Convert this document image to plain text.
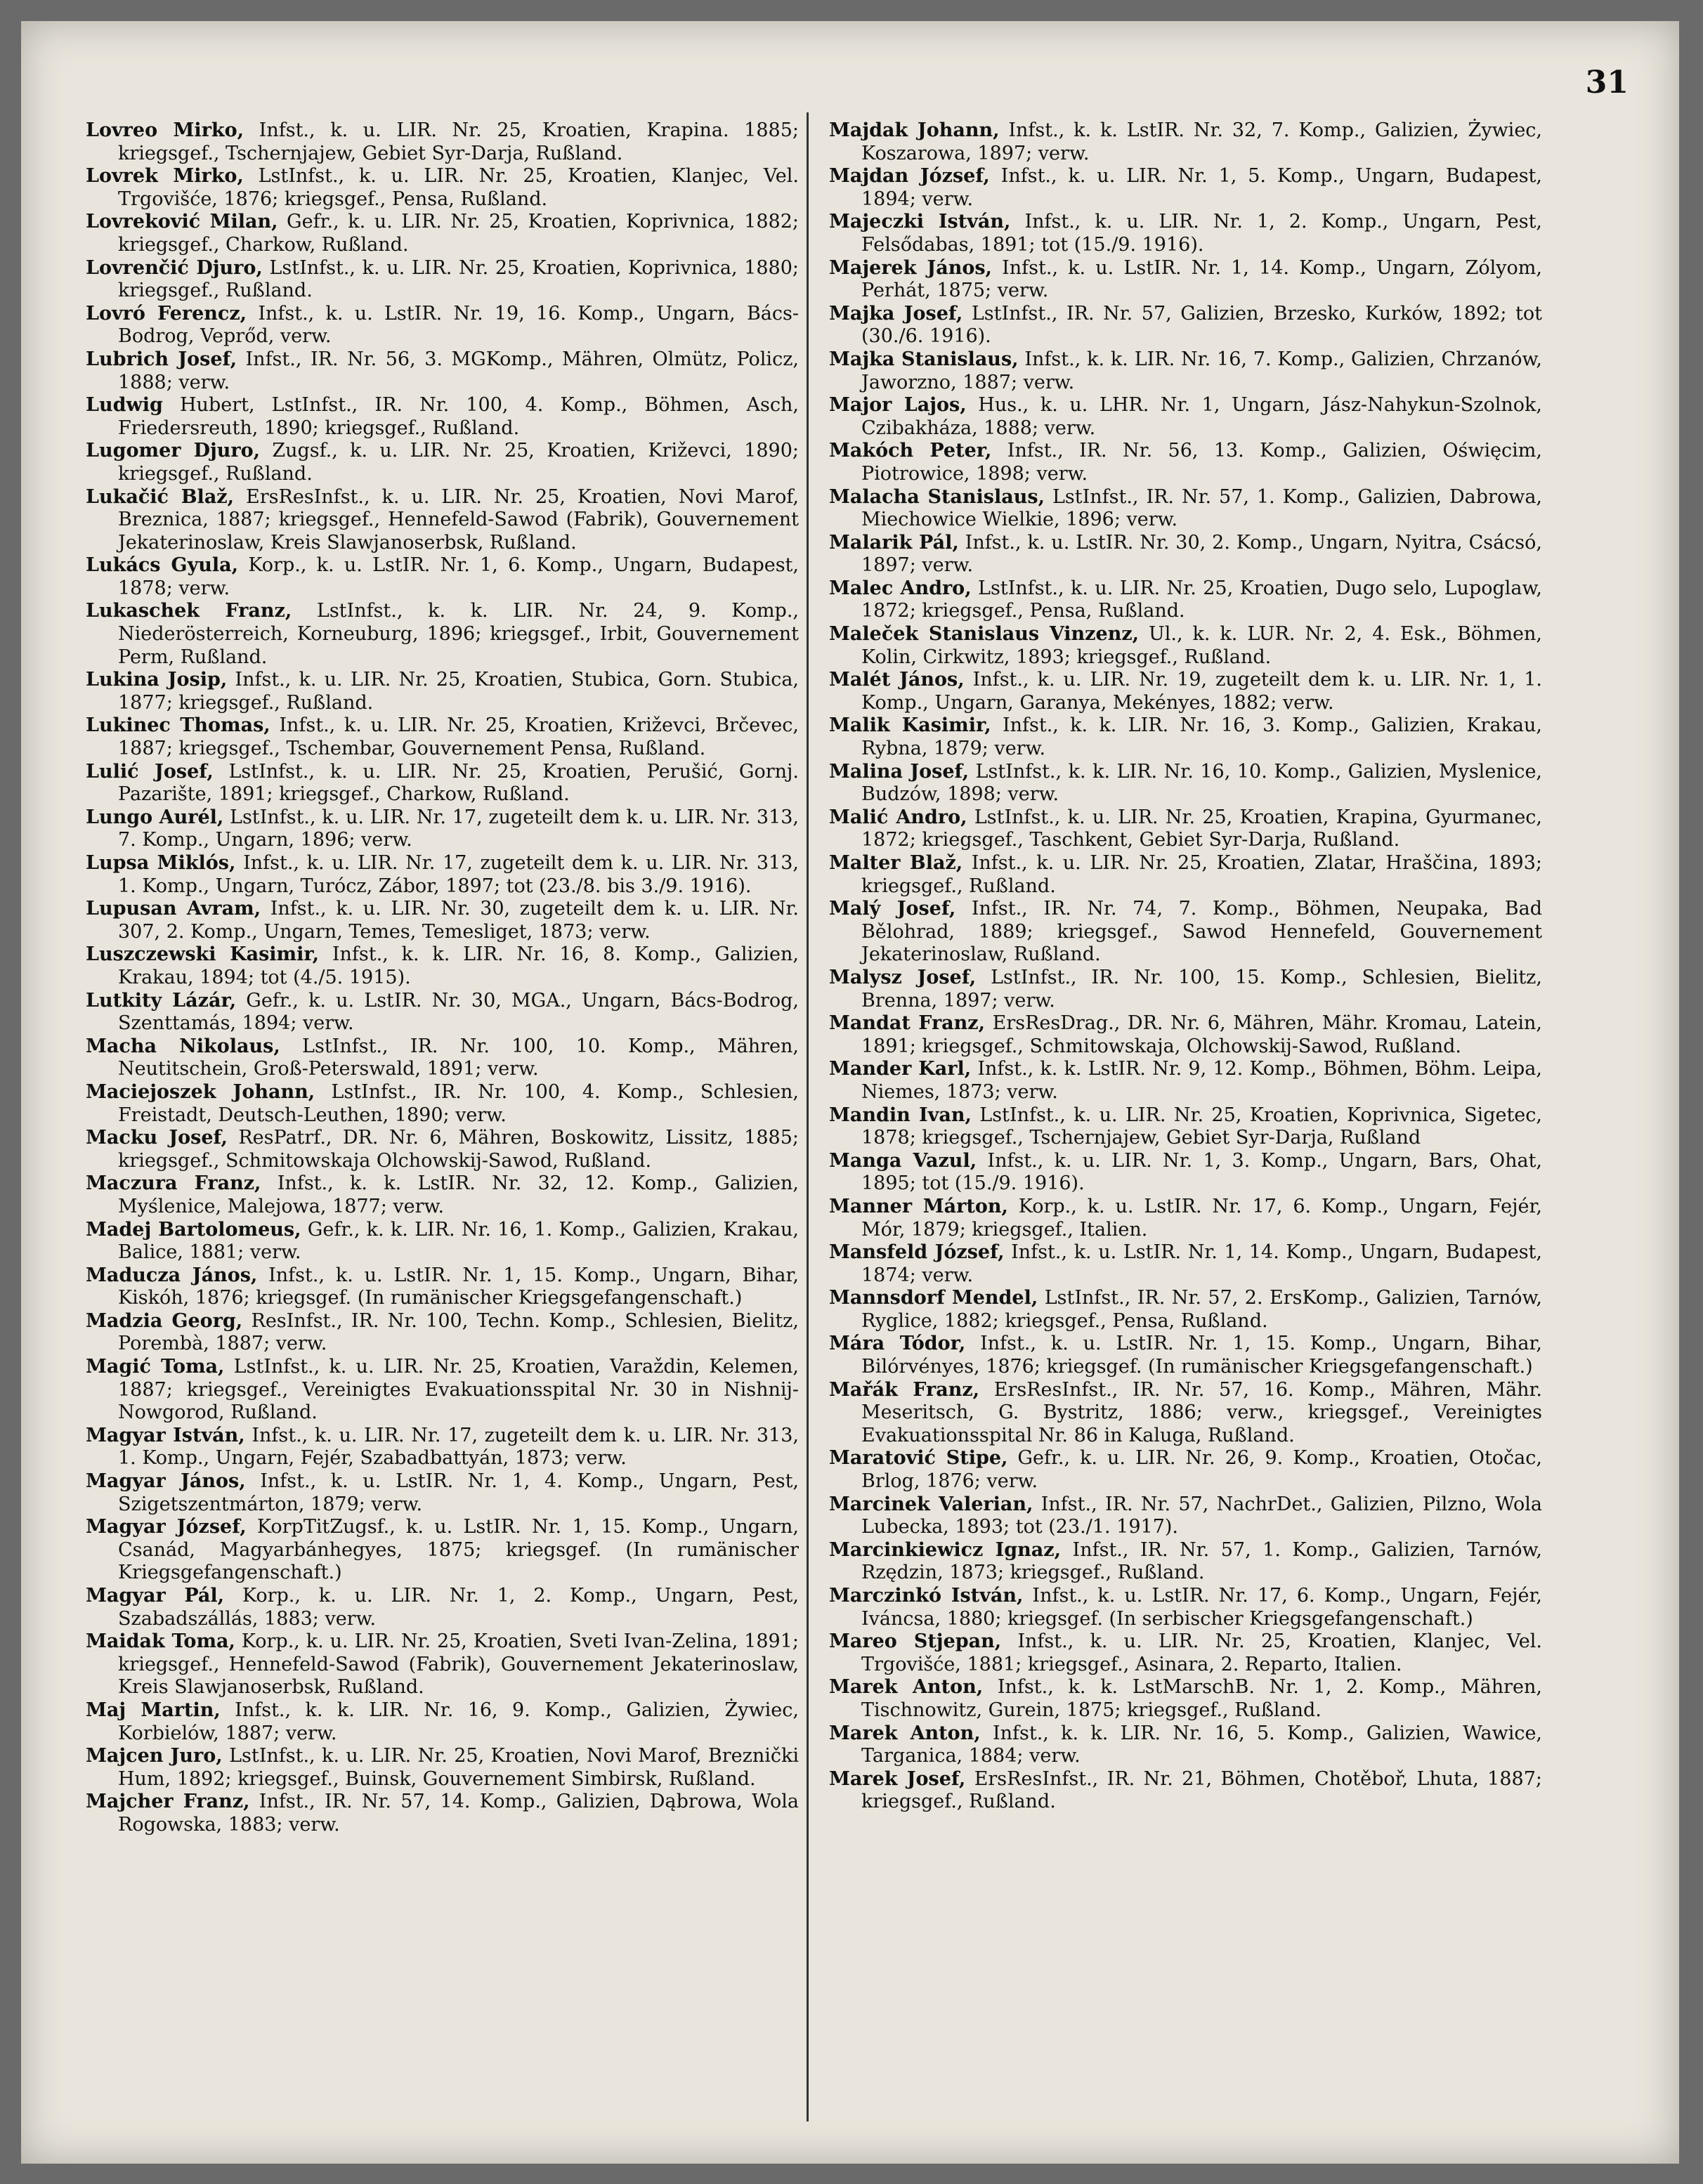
31

Lovreo Mirko, Infst., k. u. LIR. Nr. 25, Kroatien, Krapina. 1885; kriegsgef., Tschernjajew, Gebiet Syr-Darja, Rußland.

Lovrek Mirko, LstInfst., k. u. LIR. Nr. 25, Kroatien, Klanjec, Vel. Trgovišće, 1876; kriegsgef., Pensa, Rußland.

Lovreković Milan, Gefr., k. u. LIR. Nr. 25, Kroatien, Koprivnica, 1882; kriegsgef., Charkow, Rußland.

Lovrenčić Djuro, LstInfst., k. u. LIR. Nr. 25, Kroatien, Koprivnica, 1880; kriegsgef., Rußland.

Lovró Ferencz, Infst., k. u. LstIR. Nr. 19, 16. Komp., Ungarn, Bács-Bodrog, Veprőd, verw.

Lubrich Josef, Infst., IR. Nr. 56, 3. MGKomp., Mähren, Olmütz, Policz, 1888; verw.

Ludwig Hubert, LstInfst., IR. Nr. 100, 4. Komp., Böhmen, Asch, Friedersreuth, 1890; kriegsgef., Rußland.

Lugomer Djuro, Zugsf., k. u. LIR. Nr. 25, Kroatien, Križevci, 1890; kriegsgef., Rußland.

Lukačić Blaž, ErsResInfst., k. u. LIR. Nr. 25, Kroatien, Novi Marof, Breznica, 1887; kriegsgef., Hennefeld-Sawod (Fabrik), Gouvernement Jekaterinoslaw, Kreis Slawjanoserbsk, Rußland.

Lukács Gyula, Korp., k. u. LstIR. Nr. 1, 6. Komp., Ungarn, Budapest, 1878; verw.

Lukaschek Franz, LstInfst., k. k. LIR. Nr. 24, 9. Komp., Niederösterreich, Korneuburg, 1896; kriegsgef., Irbit, Gouvernement Perm, Rußland.

Lukina Josip, Infst., k. u. LIR. Nr. 25, Kroatien, Stubica, Gorn. Stubica, 1877; kriegsgef., Rußland.

Lukinec Thomas, Infst., k. u. LIR. Nr. 25, Kroatien, Križevci, Brčevec, 1887; kriegsgef., Tschembar, Gouvernement Pensa, Rußland.

Lulić Josef, LstInfst., k. u. LIR. Nr. 25, Kroatien, Perušić, Gornj. Pazarište, 1891; kriegsgef., Charkow, Rußland.

Lungo Aurél, LstInfst., k. u. LIR. Nr. 17, zugeteilt dem k. u. LIR. Nr. 313, 7. Komp., Ungarn, 1896; verw.

Lupsa Miklós, Infst., k. u. LIR. Nr. 17, zugeteilt dem k. u. LIR. Nr. 313, 1. Komp., Ungarn, Turócz, Zábor, 1897; tot (23./8. bis 3./9. 1916).

Lupusan Avram, Infst., k. u. LIR. Nr. 30, zugeteilt dem k. u. LIR. Nr. 307, 2. Komp., Ungarn, Temes, Temesliget, 1873; verw.

Luszczewski Kasimir, Infst., k. k. LIR. Nr. 16, 8. Komp., Galizien, Krakau, 1894; tot (4./5. 1915).

Lutkity Lázár, Gefr., k. u. LstIR. Nr. 30, MGA., Ungarn, Bács-Bodrog, Szenttamás, 1894; verw.

Macha Nikolaus, LstInfst., IR. Nr. 100, 10. Komp., Mähren, Neutitschein, Groß-Peterswald, 1891; verw.

Maciejoszek Johann, LstInfst., IR. Nr. 100, 4. Komp., Schlesien, Freistadt, Deutsch-Leuthen, 1890; verw.

Macku Josef, ResPatrf., DR. Nr. 6, Mähren, Boskowitz, Lissitz, 1885; kriegsgef., Schmitowskaja Olchowskij-Sawod, Rußland.

Maczura Franz, Infst., k. k. LstIR. Nr. 32, 12. Komp., Galizien, Myślenice, Malejowa, 1877; verw.

Madej Bartolomeus, Gefr., k. k. LIR. Nr. 16, 1. Komp., Galizien, Krakau, Balice, 1881; verw.

Maducza János, Infst., k. u. LstIR. Nr. 1, 15. Komp., Ungarn, Bihar, Kiskóh, 1876; kriegsgef. (In rumänischer Kriegsgefangenschaft.)

Madzia Georg, ResInfst., IR. Nr. 100, Techn. Komp., Schlesien, Bielitz, Porembà, 1887; verw.

Magić Toma, LstInfst., k. u. LIR. Nr. 25, Kroatien, Varaždin, Kelemen, 1887; kriegsgef., Vereinigtes Evakuationsspital Nr. 30 in Nishnij-Nowgorod, Rußland.

Magyar István, Infst., k. u. LIR. Nr. 17, zugeteilt dem k. u. LIR. Nr. 313, 1. Komp., Ungarn, Fejér, Szabadbattyán, 1873; verw.

Magyar János, Infst., k. u. LstIR. Nr. 1, 4. Komp., Ungarn, Pest, Szigetszentmárton, 1879; verw.

Magyar József, KorpTitZugsf., k. u. LstIR. Nr. 1, 15. Komp., Ungarn, Csanád, Magyarbánhegyes, 1875; kriegsgef. (In rumänischer Kriegsgefangenschaft.)

Magyar Pál, Korp., k. u. LIR. Nr. 1, 2. Komp., Ungarn, Pest, Szabadszállás, 1883; verw.

Maidak Toma, Korp., k. u. LIR. Nr. 25, Kroatien, Sveti Ivan-Zelina, 1891; kriegsgef., Hennefeld-Sawod (Fabrik), Gouvernement Jekaterinoslaw, Kreis Slawjanoserbsk, Rußland.

Maj Martin, Infst., k. k. LIR. Nr. 16, 9. Komp., Galizien, Żywiec, Korbielów, 1887; verw.

Majcen Juro, LstInfst., k. u. LIR. Nr. 25, Kroatien, Novi Marof, Breznički Hum, 1892; kriegsgef., Buinsk, Gouvernement Simbirsk, Rußland.

Majcher Franz, Infst., IR. Nr. 57, 14. Komp., Galizien, Dąbrowa, Wola Rogowska, 1883; verw.

Majdak Johann, Infst., k. k. LstIR. Nr. 32, 7. Komp., Galizien, Żywiec, Koszarowa, 1897; verw.

Majdan József, Infst., k. u. LIR. Nr. 1, 5. Komp., Ungarn, Budapest, 1894; verw.

Majeczki István, Infst., k. u. LIR. Nr. 1, 2. Komp., Ungarn, Pest, Felsődabas, 1891; tot (15./9. 1916).

Majerek János, Infst., k. u. LstIR. Nr. 1, 14. Komp., Ungarn, Zólyom, Perhát, 1875; verw.

Majka Josef, LstInfst., IR. Nr. 57, Galizien, Brzesko, Kurków, 1892; tot (30./6. 1916).

Majka Stanislaus, Infst., k. k. LIR. Nr. 16, 7. Komp., Galizien, Chrzanów, Jaworzno, 1887; verw.

Major Lajos, Hus., k. u. LHR. Nr. 1, Ungarn, Jász-Nahykun-Szolnok, Czibakháza, 1888; verw.

Makóch Peter, Infst., IR. Nr. 56, 13. Komp., Galizien, Oświęcim, Piotrowice, 1898; verw.

Malacha Stanislaus, LstInfst., IR. Nr. 57, 1. Komp., Galizien, Dabrowa, Miechowice Wielkie, 1896; verw.

Malarik Pál, Infst., k. u. LstIR. Nr. 30, 2. Komp., Ungarn, Nyitra, Csácsó, 1897; verw.

Malec Andro, LstInfst., k. u. LIR. Nr. 25, Kroatien, Dugo selo, Lupoglaw, 1872; kriegsgef., Pensa, Rußland.

Maleček Stanislaus Vinzenz, Ul., k. k. LUR. Nr. 2, 4. Esk., Böhmen, Kolin, Cirkwitz, 1893; kriegsgef., Rußland.

Malét János, Infst., k. u. LIR. Nr. 19, zugeteilt dem k. u. LIR. Nr. 1, 1. Komp., Ungarn, Garanya, Mekényes, 1882; verw.

Malik Kasimir, Infst., k. k. LIR. Nr. 16, 3. Komp., Galizien, Krakau, Rybna, 1879; verw.

Malina Josef, LstInfst., k. k. LIR. Nr. 16, 10. Komp., Galizien, Myslenice, Budzów, 1898; verw.

Malić Andro, LstInfst., k. u. LIR. Nr. 25, Kroatien, Krapina, Gyurmanec, 1872; kriegsgef., Taschkent, Gebiet Syr-Darja, Rußland.

Malter Blaž, Infst., k. u. LIR. Nr. 25, Kroatien, Zlatar, Hraščina, 1893; kriegsgef., Rußland.

Malý Josef, Infst., IR. Nr. 74, 7. Komp., Böhmen, Neupaka, Bad Bělohrad, 1889; kriegsgef., Sawod Hennefeld, Gouvernement Jekaterinoslaw, Rußland.

Malysz Josef, LstInfst., IR. Nr. 100, 15. Komp., Schlesien, Bielitz, Brenna, 1897; verw.

Mandat Franz, ErsResDrag., DR. Nr. 6, Mähren, Mähr. Kromau, Latein, 1891; kriegsgef., Schmitowskaja, Olchowskij-Sawod, Rußland.

Mander Karl, Infst., k. k. LstIR. Nr. 9, 12. Komp., Böhmen, Böhm. Leipa, Niemes, 1873; verw.

Mandin Ivan, LstInfst., k. u. LIR. Nr. 25, Kroatien, Koprivnica, Sigetec, 1878; kriegsgef., Tschernjajew, Gebiet Syr-Darja, Rußland

Manga Vazul, Infst., k. u. LIR. Nr. 1, 3. Komp., Ungarn, Bars, Ohat, 1895; tot (15./9. 1916).

Manner Márton, Korp., k. u. LstIR. Nr. 17, 6. Komp., Ungarn, Fejér, Mór, 1879; kriegsgef., Italien.

Mansfeld József, Infst., k. u. LstIR. Nr. 1, 14. Komp., Ungarn, Budapest, 1874; verw.

Mannsdorf Mendel, LstInfst., IR. Nr. 57, 2. ErsKomp., Galizien, Tarnów, Ryglice, 1882; kriegsgef., Pensa, Rußland.

Mára Tódor, Infst., k. u. LstIR. Nr. 1, 15. Komp., Ungarn, Bihar, Bilórvényes, 1876; kriegsgef. (In rumänischer Kriegsgefangenschaft.)

Mařák Franz, ErsResInfst., IR. Nr. 57, 16. Komp., Mähren, Mähr. Meseritsch, G. Bystritz, 1886; verw., kriegsgef., Vereinigtes Evakuationsspital Nr. 86 in Kaluga, Rußland.

Maratović Stipe, Gefr., k. u. LIR. Nr. 26, 9. Komp., Kroatien, Otočac, Brlog, 1876; verw.

Marcinek Valerian, Infst., IR. Nr. 57, NachrDet., Galizien, Pilzno, Wola Lubecka, 1893; tot (23./1. 1917).

Marcinkiewicz Ignaz, Infst., IR. Nr. 57, 1. Komp., Galizien, Tarnów, Rzędzin, 1873; kriegsgef., Rußland.

Marczinkó István, Infst., k. u. LstIR. Nr. 17, 6. Komp., Ungarn, Fejér, Iváncsa, 1880; kriegsgef. (In serbischer Kriegsgefangenschaft.)

Mareo Stjepan, Infst., k. u. LIR. Nr. 25, Kroatien, Klanjec, Vel. Trgovišće, 1881; kriegsgef., Asinara, 2. Reparto, Italien.

Marek Anton, Infst., k. k. LstMarschB. Nr. 1, 2. Komp., Mähren, Tischnowitz, Gurein, 1875; kriegsgef., Rußland.

Marek Anton, Infst., k. k. LIR. Nr. 16, 5. Komp., Galizien, Wawice, Targanica, 1884; verw.

Marek Josef, ErsResInfst., IR. Nr. 21, Böhmen, Chotěboř, Lhuta, 1887; kriegsgef., Rußland.
